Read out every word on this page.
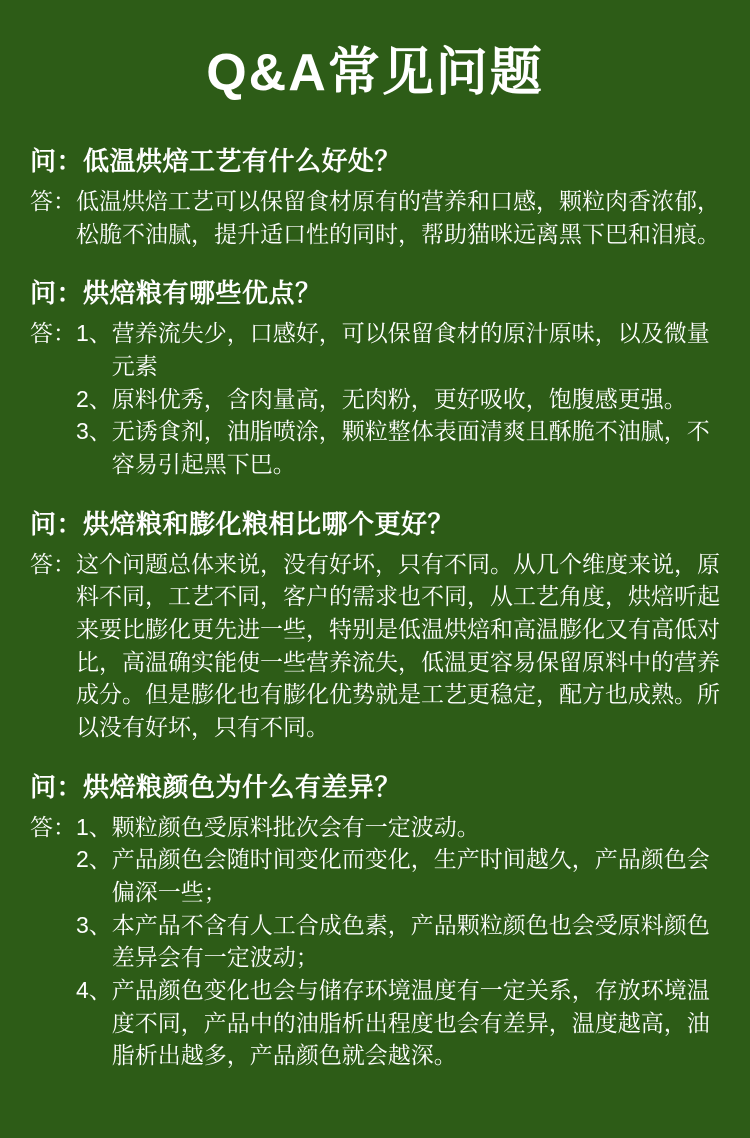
Q&A常见问题
问：低温烘焙工艺有什么好处？
答： 低温烘焙工艺可以保留食材原有的营养和口感，颗粒肉香浓郁，松脆不油腻，提升适口性的同时，帮助猫咪远离黑下巴和泪痕。
问：烘焙粮有哪些优点？
答： 1、 营养流失少，口感好，可以保留食材的原汁原味，以及微量元素
2、 原料优秀，含肉量高，无肉粉，更好吸收，饱腹感更强。
3、 无诱食剂，油脂喷涂，颗粒整体表面清爽且酥脆不油腻，不容易引起黑下巴。
问：烘焙粮和膨化粮相比哪个更好？
答： 这个问题总体来说，没有好坏，只有不同。从几个维度来说，原料不同，工艺不同，客户的需求也不同，从工艺角度，烘焙听起来要比膨化更先进一些，特别是低温烘焙和高温膨化又有高低对比，高温确实能使一些营养流失，低温更容易保留原料中的营养成分。但是膨化也有膨化优势就是工艺更稳定，配方也成熟。所以没有好坏，只有不同。
问：烘焙粮颜色为什么有差异？
答： 1、 颗粒颜色受原料批次会有一定波动。
2、 产品颜色会随时间变化而变化，生产时间越久，产品颜色会偏深一些；
3、 本产品不含有人工合成色素，产品颗粒颜色也会受原料颜色差异会有一定波动；
4、 产品颜色变化也会与储存环境温度有一定关系，存放环境温度不同，产品中的油脂析出程度也会有差异，温度越高，油脂析出越多，产品颜色就会越深。
